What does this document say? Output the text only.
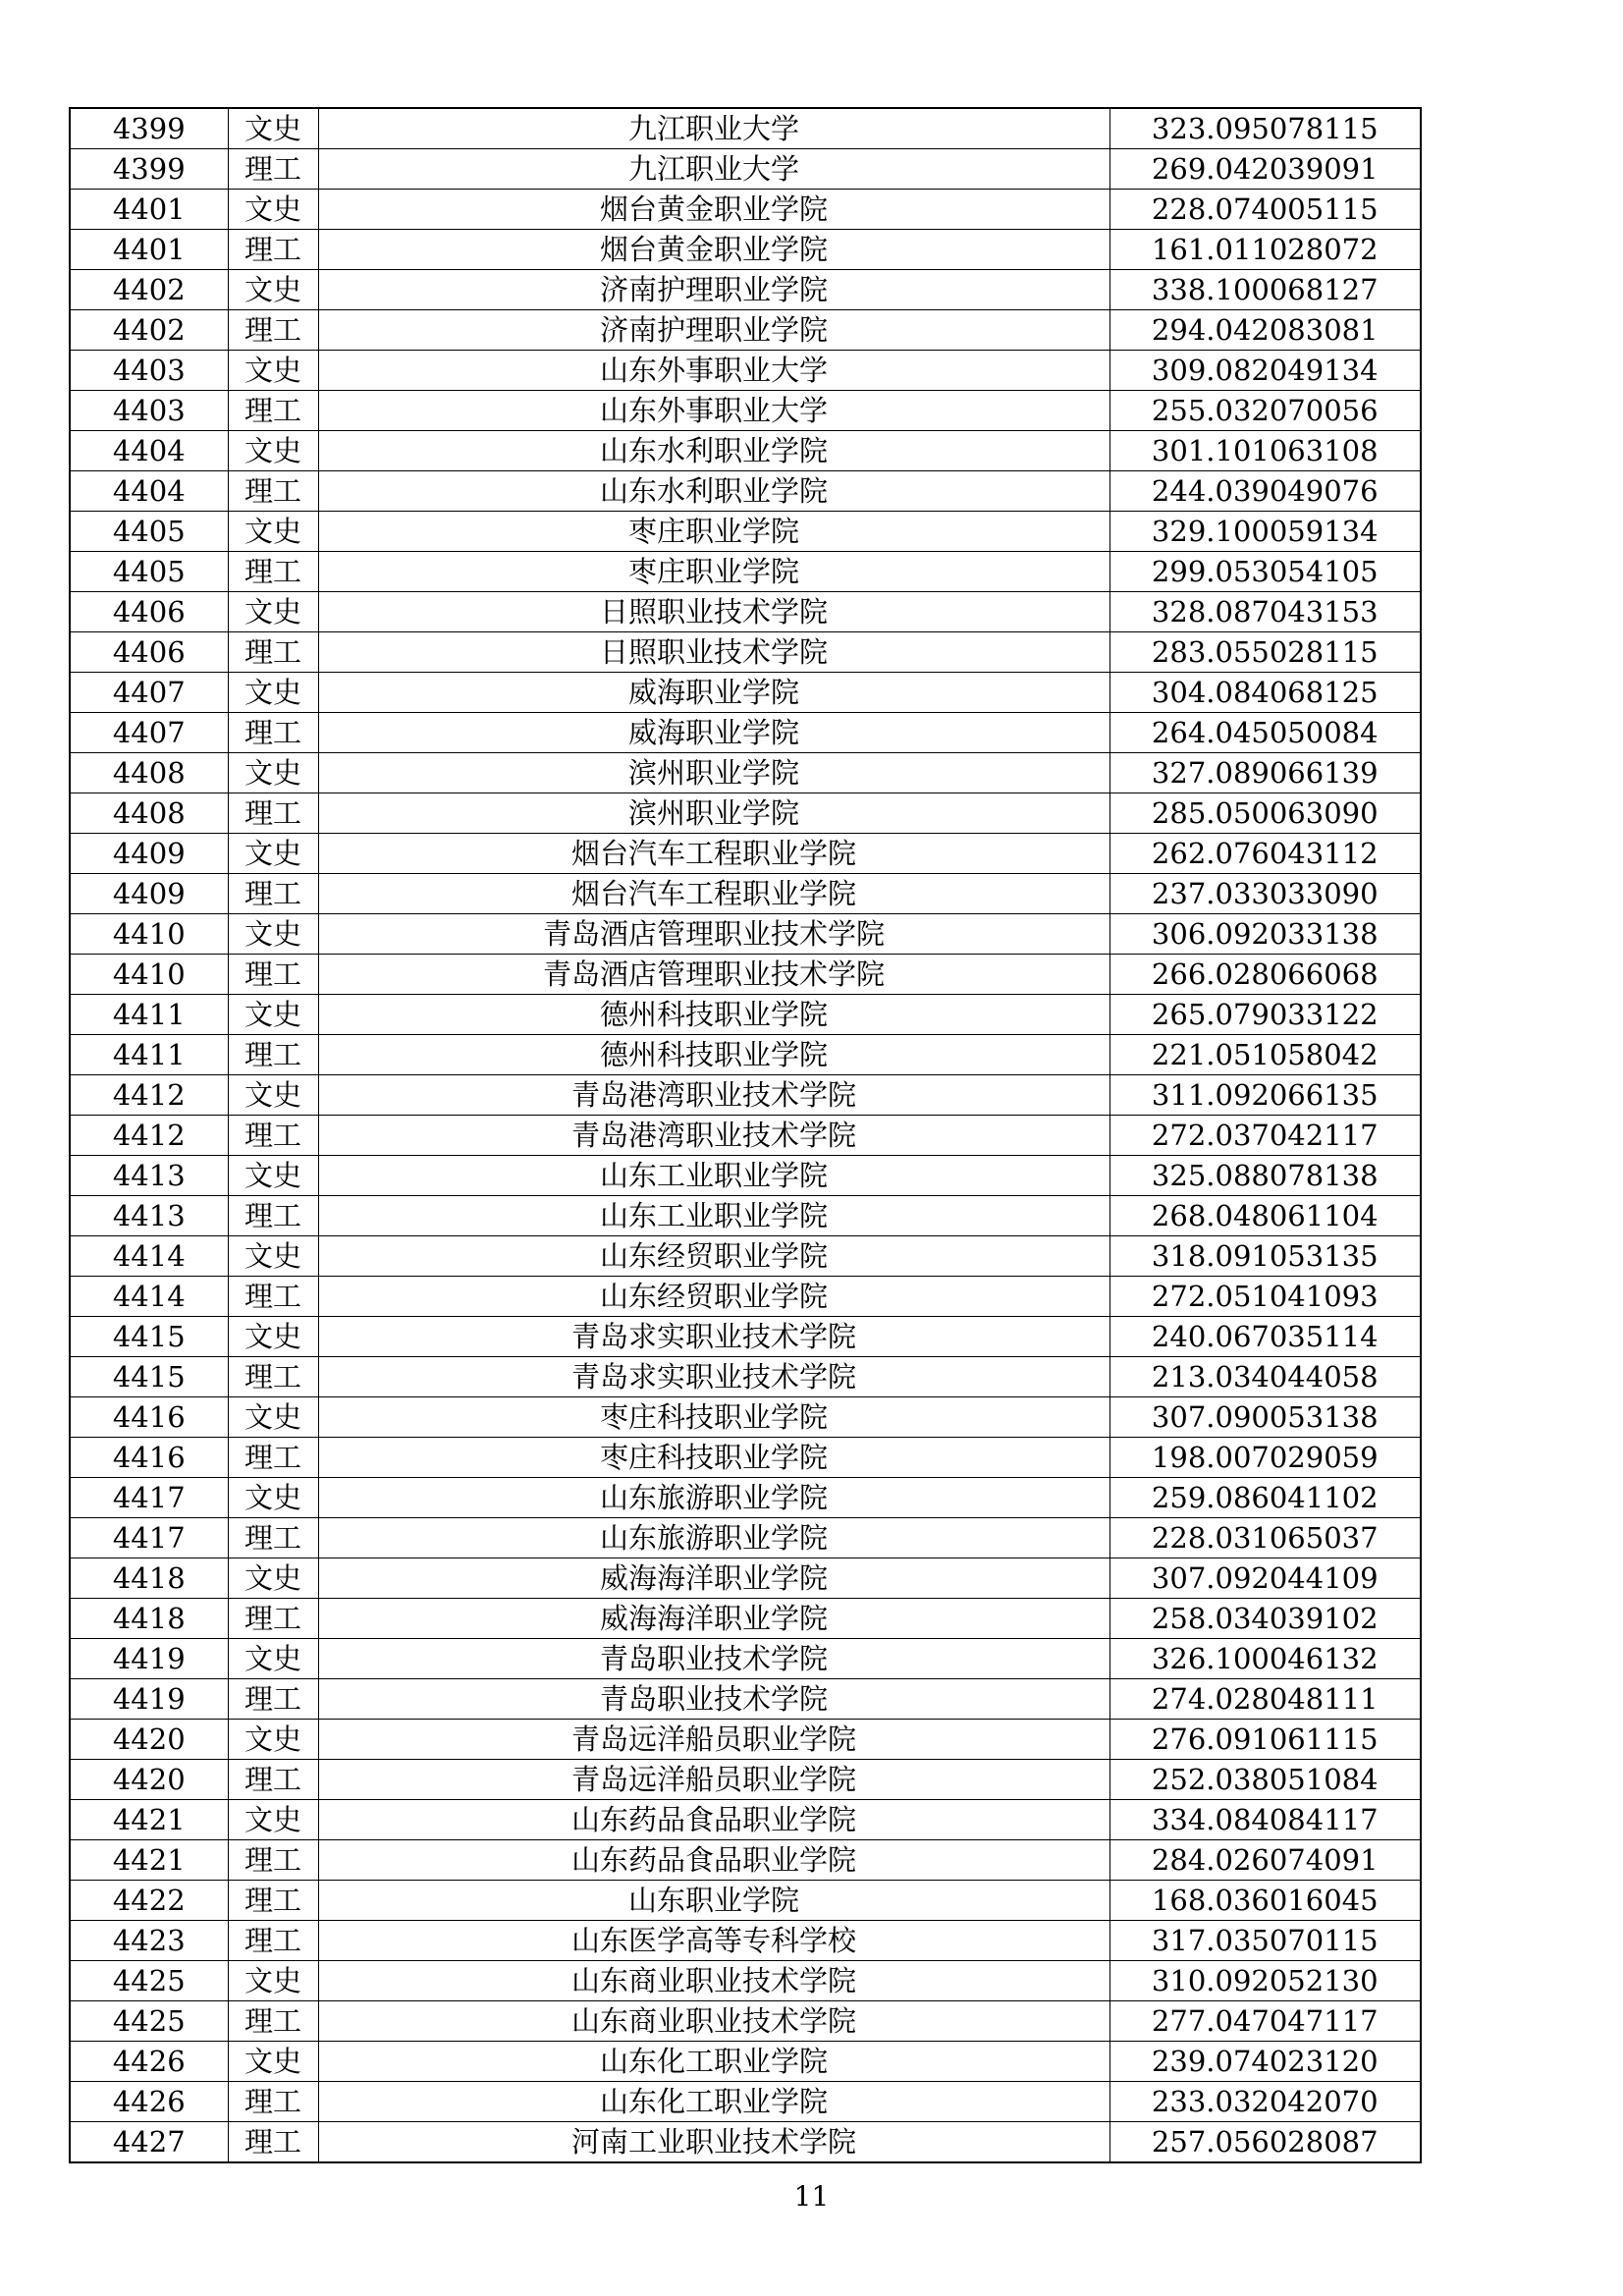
4399	文史	九江职业大学	323.095078115
4399	理工	九江职业大学	269.042039091
4401	文史	烟台黄金职业学院	228.074005115
4401	理工	烟台黄金职业学院	161.011028072
4402	文史	济南护理职业学院	338.100068127
4402	理工	济南护理职业学院	294.042083081
4403	文史	山东外事职业大学	309.082049134
4403	理工	山东外事职业大学	255.032070056
4404	文史	山东水利职业学院	301.101063108
4404	理工	山东水利职业学院	244.039049076
4405	文史	枣庄职业学院	329.100059134
4405	理工	枣庄职业学院	299.053054105
4406	文史	日照职业技术学院	328.087043153
4406	理工	日照职业技术学院	283.055028115
4407	文史	威海职业学院	304.084068125
4407	理工	威海职业学院	264.045050084
4408	文史	滨州职业学院	327.089066139
4408	理工	滨州职业学院	285.050063090
4409	文史	烟台汽车工程职业学院	262.076043112
4409	理工	烟台汽车工程职业学院	237.033033090
4410	文史	青岛酒店管理职业技术学院	306.092033138
4410	理工	青岛酒店管理职业技术学院	266.028066068
4411	文史	德州科技职业学院	265.079033122
4411	理工	德州科技职业学院	221.051058042
4412	文史	青岛港湾职业技术学院	311.092066135
4412	理工	青岛港湾职业技术学院	272.037042117
4413	文史	山东工业职业学院	325.088078138
4413	理工	山东工业职业学院	268.048061104
4414	文史	山东经贸职业学院	318.091053135
4414	理工	山东经贸职业学院	272.051041093
4415	文史	青岛求实职业技术学院	240.067035114
4415	理工	青岛求实职业技术学院	213.034044058
4416	文史	枣庄科技职业学院	307.090053138
4416	理工	枣庄科技职业学院	198.007029059
4417	文史	山东旅游职业学院	259.086041102
4417	理工	山东旅游职业学院	228.031065037
4418	文史	威海海洋职业学院	307.092044109
4418	理工	威海海洋职业学院	258.034039102
4419	文史	青岛职业技术学院	326.100046132
4419	理工	青岛职业技术学院	274.028048111
4420	文史	青岛远洋船员职业学院	276.091061115
4420	理工	青岛远洋船员职业学院	252.038051084
4421	文史	山东药品食品职业学院	334.084084117
4421	理工	山东药品食品职业学院	284.026074091
4422	理工	山东职业学院	168.036016045
4423	理工	山东医学高等专科学校	317.035070115
4425	文史	山东商业职业技术学院	310.092052130
4425	理工	山东商业职业技术学院	277.047047117
4426	文史	山东化工职业学院	239.074023120
4426	理工	山东化工职业学院	233.032042070
4427	理工	河南工业职业技术学院	257.056028087
11
